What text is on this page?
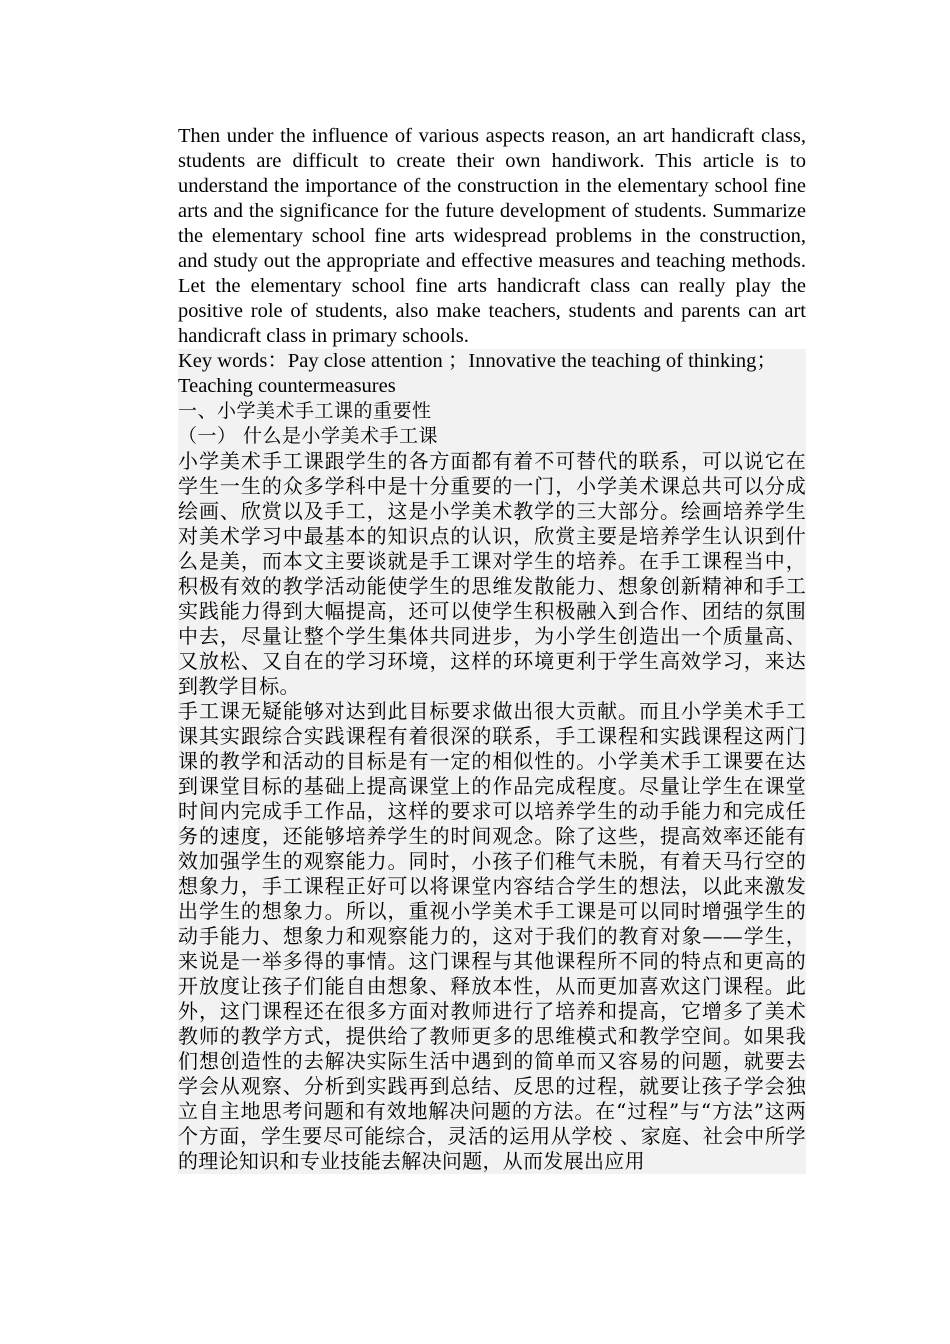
Then under the influence of various aspects reason, an art handicraft class, students are difficult to create their own handiwork. This article is to understand the importance of the construction in the elementary school fine arts and the significance for the future development of students. Summarize the elementary school fine arts widespread problems in the construction, and study out the appropriate and effective measures and teaching methods. Let the elementary school fine arts handicraft class can really play the positive role of students, also make teachers, students and parents can art handicraft class in primary schools.

Key words：Pay close attention ；Innovative the teaching of thinking；Teaching countermeasures

一、小学美术手工课的重要性

（一） 什么是小学美术手工课

小学美术手工课跟学生的各方面都有着不可替代的联系，可以说它在学生一生的众多学科中是十分重要的一门，小学美术课总共可以分成绘画、欣赏以及手工，这是小学美术教学的三大部分。绘画培养学生对美术学习中最基本的知识点的认识，欣赏主要是培养学生认识到什么是美，而本文主要谈就是手工课对学生的培养。在手工课程当中，积极有效的教学活动能使学生的思维发散能力、想象创新精神和手工实践能力得到大幅提高，还可以使学生积极融入到合作、团结的氛围中去，尽量让整个学生集体共同进步，为小学生创造出一个质量高、又放松、又自在的学习环境，这样的环境更利于学生高效学习，来达到教学目标。

手工课无疑能够对达到此目标要求做出很大贡献。而且小学美术手工课其实跟综合实践课程有着很深的联系，手工课程和实践课程这两门课的教学和活动的目标是有一定的相似性的。小学美术手工课要在达到课堂目标的基础上提高课堂上的作品完成程度。尽量让学生在课堂时间内完成手工作品，这样的要求可以培养学生的动手能力和完成任务的速度，还能够培养学生的时间观念。除了这些，提高效率还能有效加强学生的观察能力。同时，小孩子们稚气未脱，有着天马行空的想象力，手工课程正好可以将课堂内容结合学生的想法，以此来激发出学生的想象力。所以，重视小学美术手工课是可以同时增强学生的动手能力、想象力和观察能力的，这对于我们的教育对象——学生，来说是一举多得的事情。这门课程与其他课程所不同的特点和更高的开放度让孩子们能自由想象、释放本性，从而更加喜欢这门课程。此外，这门课程还在很多方面对教师进行了培养和提高，它增多了美术教师的教学方式，提供给了教师更多的思维模式和教学空间。如果我们想创造性的去解决实际生活中遇到的简单而又容易的问题，就要去学会从观察、分析到实践再到总结、反思的过程，就要让孩子学会独立自主地思考问题和有效地解决问题的方法。在“过程”与“方法”这两个方面，学生要尽可能综合，灵活的运用从学校 、家庭、社会中所学的理论知识和专业技能去解决问题，从而发展出应用
